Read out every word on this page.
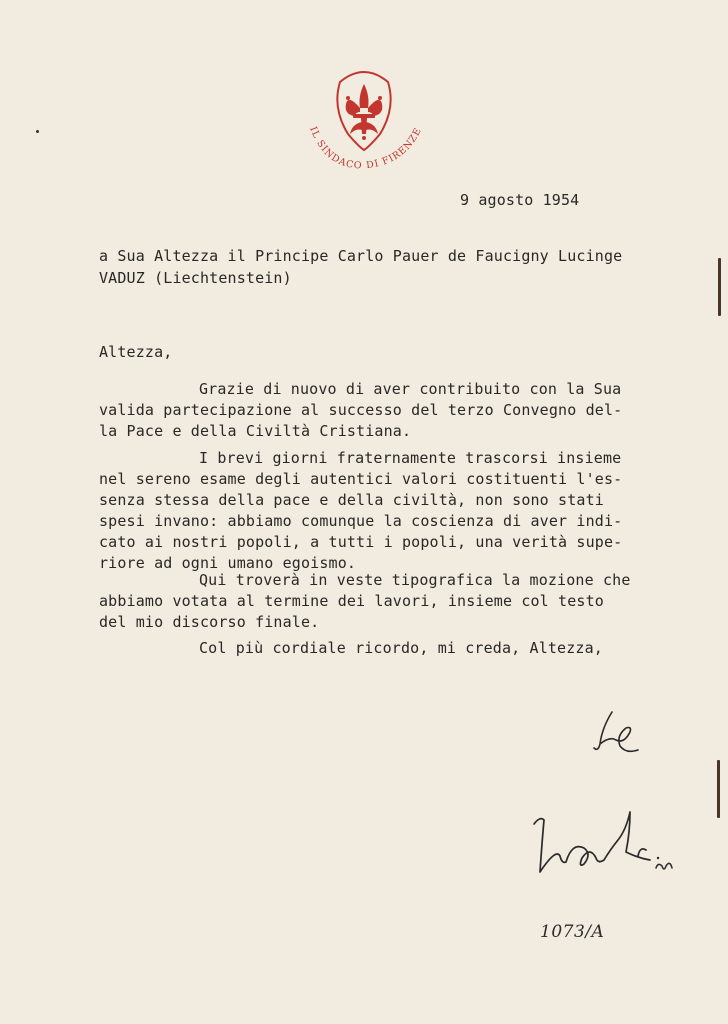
IL SINDACO DI FIRENZE
9 agosto 1954
a Sua Altezza il Principe Carlo Pauer de Faucigny Lucinge
VADUZ (Liechtenstein)
Altezza,
Grazie di nuovo di aver contribuito con la Sua
valida partecipazione al successo del terzo Convegno del-
la Pace e della Civiltà Cristiana.
I brevi giorni fraternamente trascorsi insieme
nel sereno esame degli autentici valori costituenti l'es-
senza stessa della pace e della civiltà, non sono stati
spesi invano: abbiamo comunque la coscienza di aver indi-
cato ai nostri popoli, a tutti i popoli, una verità supe-
riore ad ogni umano egoismo.
Qui troverà in veste tipografica la mozione che
abbiamo votata al termine dei lavori, insieme col testo
del mio discorso finale.
Col più cordiale ricordo, mi creda, Altezza,
1073/A
